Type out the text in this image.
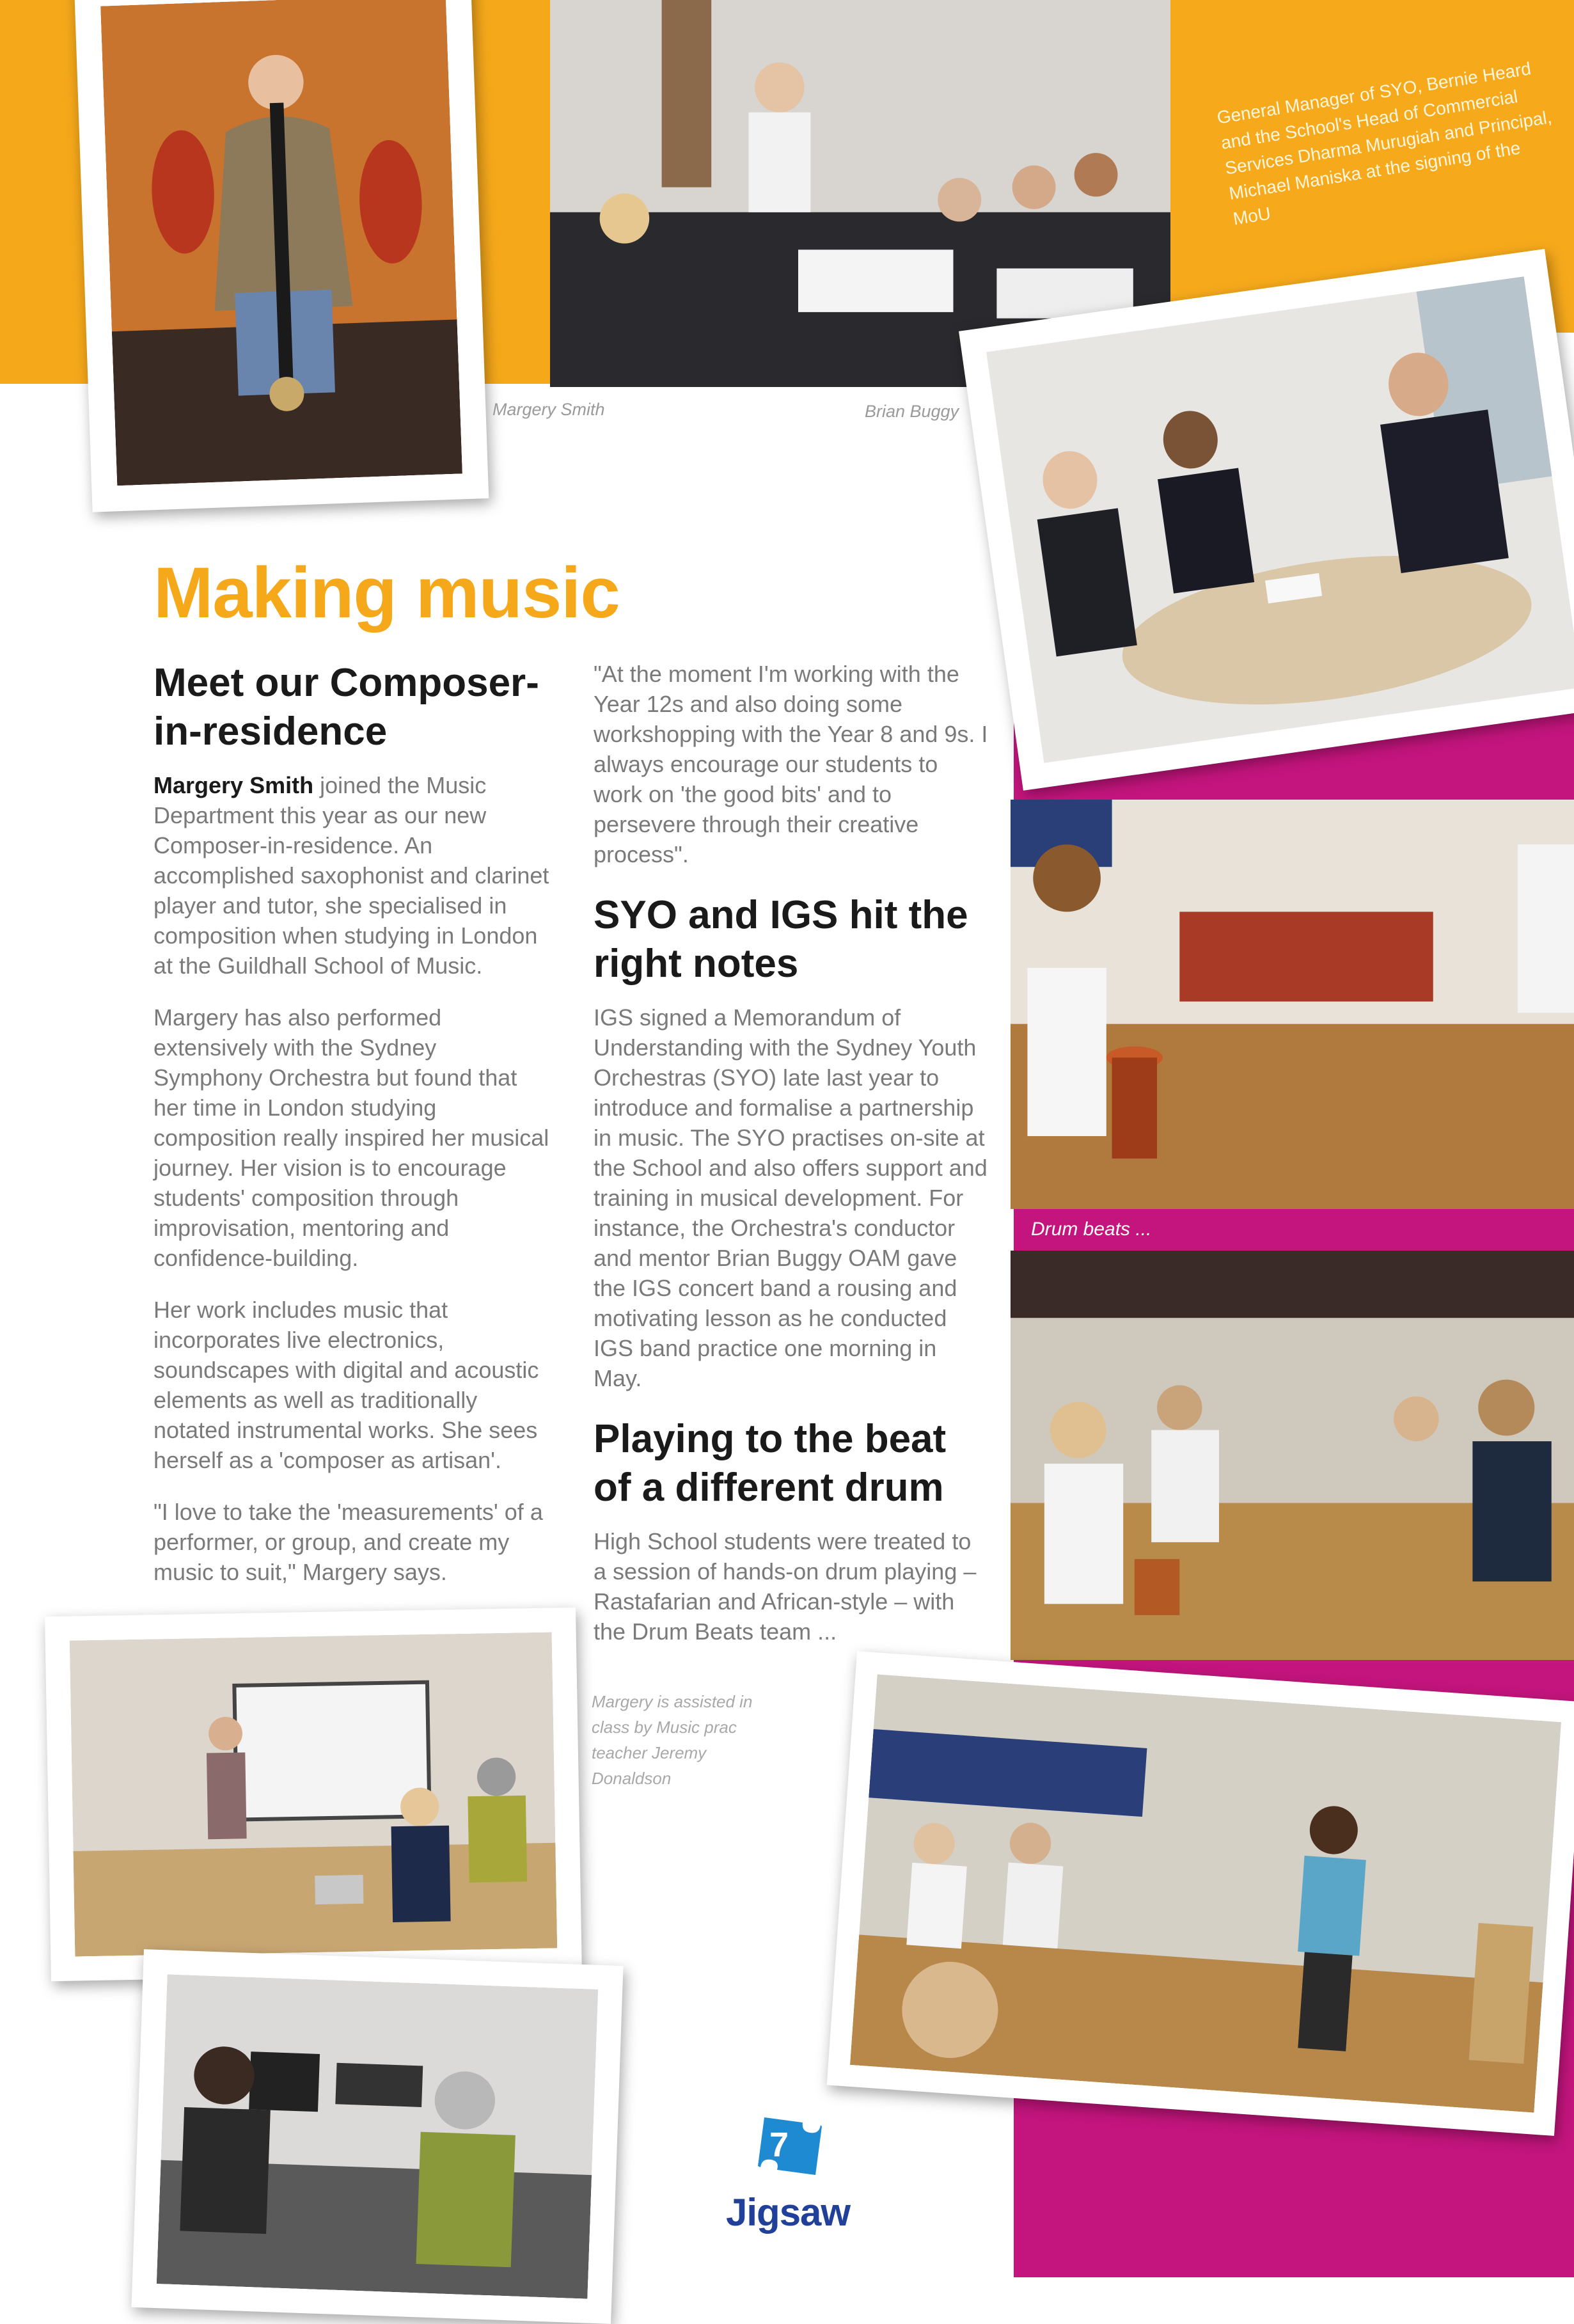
Margery Smith	Brian Buggy
General Manager of SYO, Bernie Heard and the School's Head of Commercial Services Dharma Murugiah and Principal, Michael Maniska at the signing of the MoU
Making music
Meet our Composer-in-residence

Margery Smith joined the Music Department this year as our new Composer-in-residence. An accomplished saxophonist and clarinet player and tutor, she specialised in composition when studying in London at the Guildhall School of Music.

Margery has also performed extensively with the Sydney Symphony Orchestra but found that her time in London studying composition really inspired her musical journey. Her vision is to encourage students' composition through improvisation, mentoring and confidence-building.

Her work includes music that incorporates live electronics, soundscapes with digital and acoustic elements as well as traditionally notated instrumental works. She sees herself as a 'composer as artisan'.

"I love to take the 'measurements' of a performer, or group, and create my music to suit," Margery says.

"At the moment I'm working with the Year 12s and also doing some workshopping with the Year 8 and 9s. I always encourage our students to work on 'the good bits' and to persevere through their creative process".

SYO and IGS hit the right notes

IGS signed a Memorandum of Understanding with the Sydney Youth Orchestras (SYO) late last year to introduce and formalise a partnership in music. The SYO practises on-site at the School and also offers support and training in musical development. For instance, the Orchestra's conductor and mentor Brian Buggy OAM gave the IGS concert band a rousing and motivating lesson as he conducted IGS band practice one morning in May.

Playing to the beat of a different drum

High School students were treated to a session of hands-on drum playing – Rastafarian and African-style – with the Drum Beats team ...

Drum beats ...
Margery is assisted in class by Music prac teacher Jeremy Donaldson
7
Jigsaw
